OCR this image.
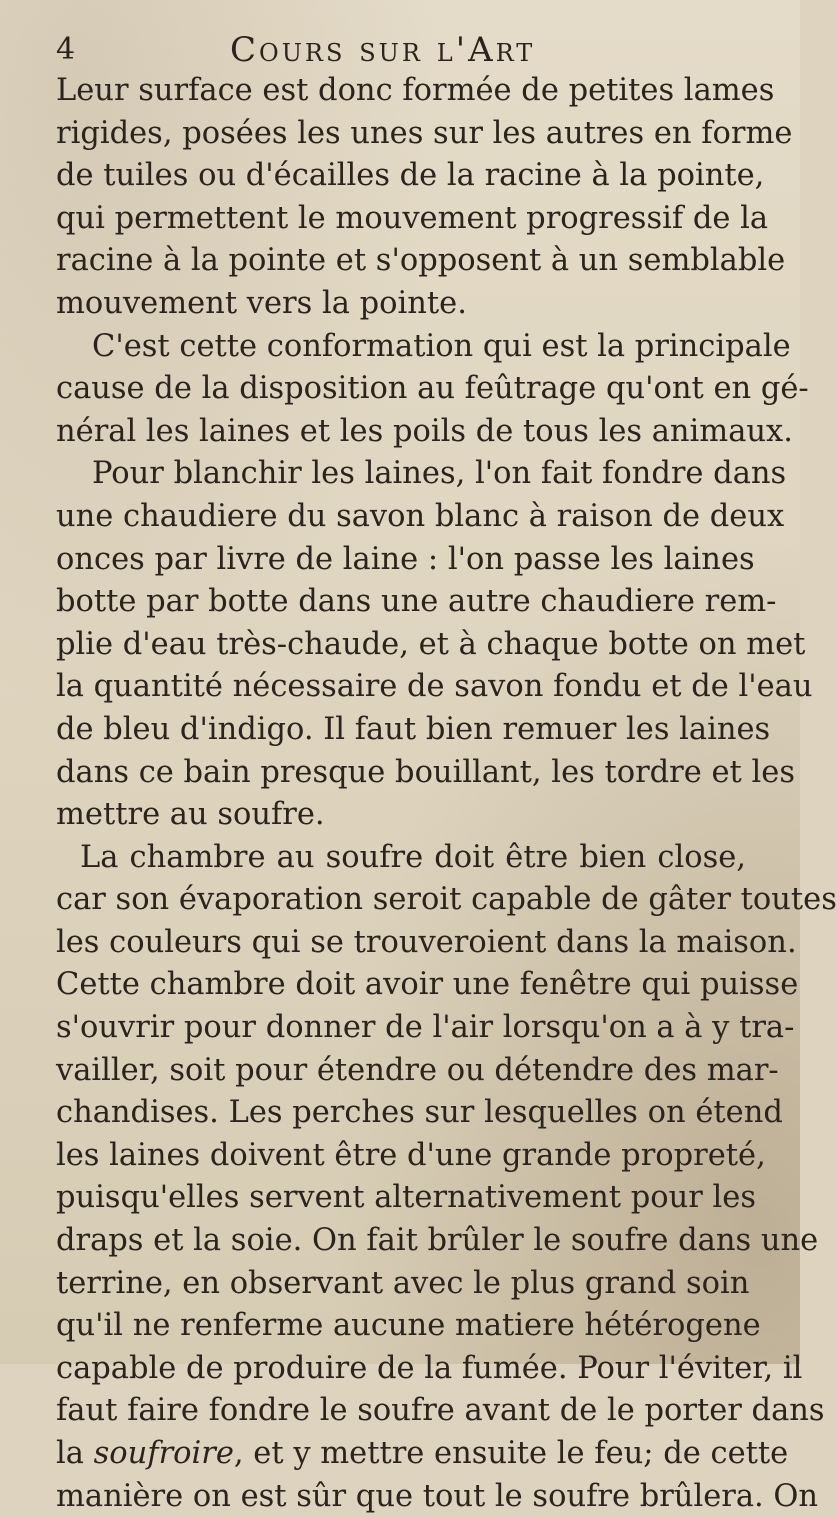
4	Cours sur l'Art
Leur surface est donc formée de petites lames
rigides, posées les unes sur les autres en forme
de tuiles ou d'écailles de la racine à la pointe,
qui permettent le mouvement progressif de la
racine à la pointe et s'opposent à un semblable
mouvement vers la pointe.
C'est cette conformation qui est la principale
cause de la disposition au feûtrage qu'ont en gé-
néral les laines et les poils de tous les animaux.
Pour blanchir les laines, l'on fait fondre dans
une chaudiere du savon blanc à raison de deux
onces par livre de laine : l'on passe les laines
botte par botte dans une autre chaudiere rem-
plie d'eau très-chaude, et à chaque botte on met
la quantité nécessaire de savon fondu et de l'eau
de bleu d'indigo. Il faut bien remuer les laines
dans ce bain presque bouillant, les tordre et les
mettre au soufre.
La chambre au soufre doit être bien close,
car son évaporation seroit capable de gâter toutes
les couleurs qui se trouveroient dans la maison.
Cette chambre doit avoir une fenêtre qui puisse
s'ouvrir pour donner de l'air lorsqu'on a à y tra-
vailler, soit pour étendre ou détendre des mar-
chandises. Les perches sur lesquelles on étend
les laines doivent être d'une grande propreté,
puisqu'elles servent alternativement pour les
draps et la soie. On fait brûler le soufre dans une
terrine, en observant avec le plus grand soin
qu'il ne renferme aucune matiere hétérogene
capable de produire de la fumée. Pour l'éviter, il
faut faire fondre le soufre avant de le porter dans
la soufroire, et y mettre ensuite le feu; de cette
manière on est sûr que tout le soufre brûlera. On
